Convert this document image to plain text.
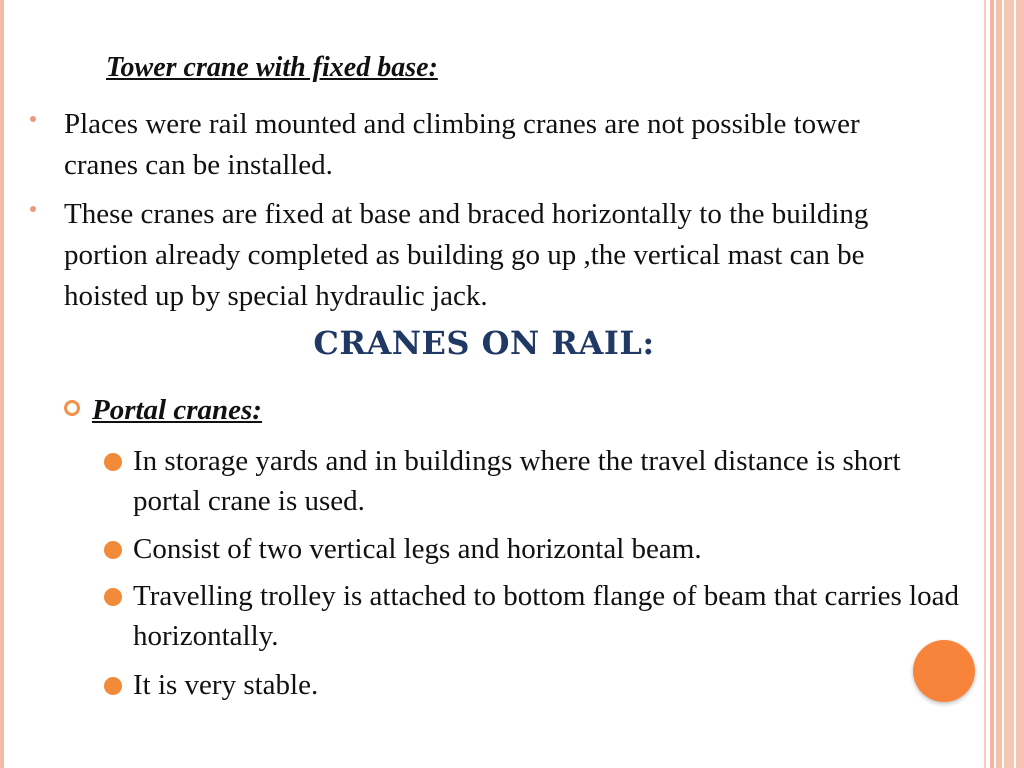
Tower crane with fixed base:
Places were rail mounted and climbing cranes are not possible tower cranes can be installed.
These cranes are fixed at base and braced horizontally to the building portion already completed as building go up ,the vertical mast can be hoisted up by special hydraulic jack.
CRANES ON RAIL:
Portal cranes:
In storage yards and in buildings where the travel distance is short portal crane is used.
Consist of two vertical legs and horizontal beam.
Travelling trolley is attached to bottom flange of beam that carries load horizontally.
It is very stable.
